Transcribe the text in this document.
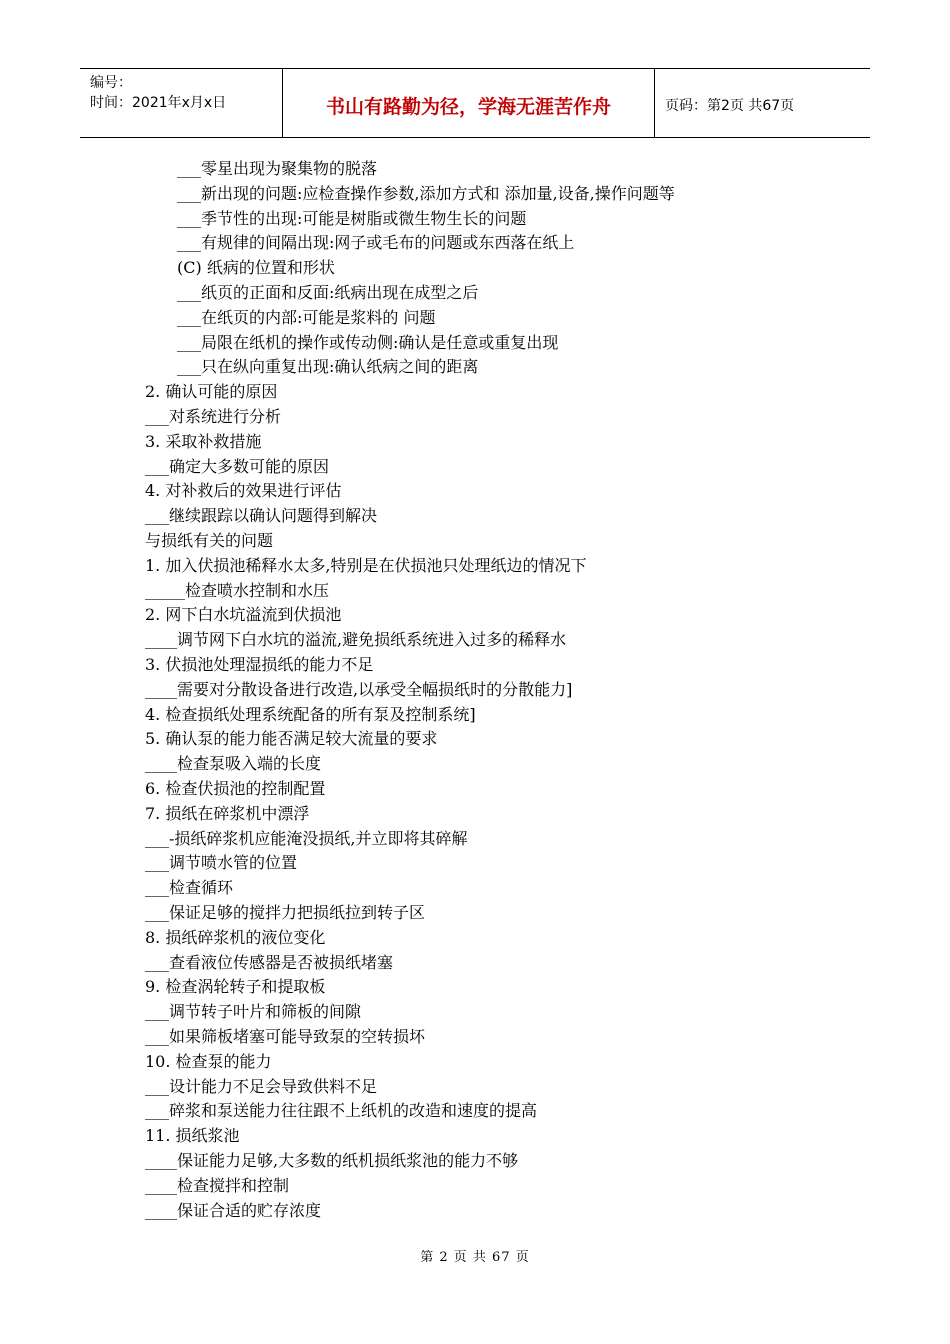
编号：
时间：2021年x月x日	书山有路勤为径，学海无涯苦作舟	页码：第2页 共67页
___零星出现为聚集物的脱落
___新出现的问题:应检查操作参数,添加方式和 添加量,设备,操作问题等
___季节性的出现:可能是树脂或微生物生长的问题
___有规律的间隔出现:网子或毛布的问题或东西落在纸上
(C) 纸病的位置和形状
___纸页的正面和反面:纸病出现在成型之后
___在纸页的内部:可能是浆料的 问题
___局限在纸机的操作或传动侧:确认是任意或重复出现
___只在纵向重复出现:确认纸病之间的距离
2. 确认可能的原因
___对系统进行分析
3. 采取补救措施
___确定大多数可能的原因
4. 对补救后的效果进行评估
___继续跟踪以确认问题得到解决
与损纸有关的问题
1. 加入伏损池稀释水太多,特别是在伏损池只处理纸边的情况下
_____检查喷水控制和水压
2. 网下白水坑溢流到伏损池
____调节网下白水坑的溢流,避免损纸系统进入过多的稀释水
3. 伏损池处理湿损纸的能力不足
____需要对分散设备进行改造,以承受全幅损纸时的分散能力]
4. 检查损纸处理系统配备的所有泵及控制系统]
5. 确认泵的能力能否满足较大流量的要求
____检查泵吸入端的长度
6. 检查伏损池的控制配置
7. 损纸在碎浆机中漂浮
___-损纸碎浆机应能淹没损纸,并立即将其碎解
___调节喷水管的位置
___检查循环
___保证足够的搅拌力把损纸拉到转子区
8. 损纸碎浆机的液位变化
___查看液位传感器是否被损纸堵塞
9. 检查涡轮转子和提取板
___调节转子叶片和筛板的间隙
___如果筛板堵塞可能导致泵的空转损坏
10. 检查泵的能力
___设计能力不足会导致供料不足
___碎浆和泵送能力往往跟不上纸机的改造和速度的提高
11. 损纸浆池
____保证能力足够,大多数的纸机损纸浆池的能力不够
____检查搅拌和控制
____保证合适的贮存浓度
第 2 页 共 67 页
